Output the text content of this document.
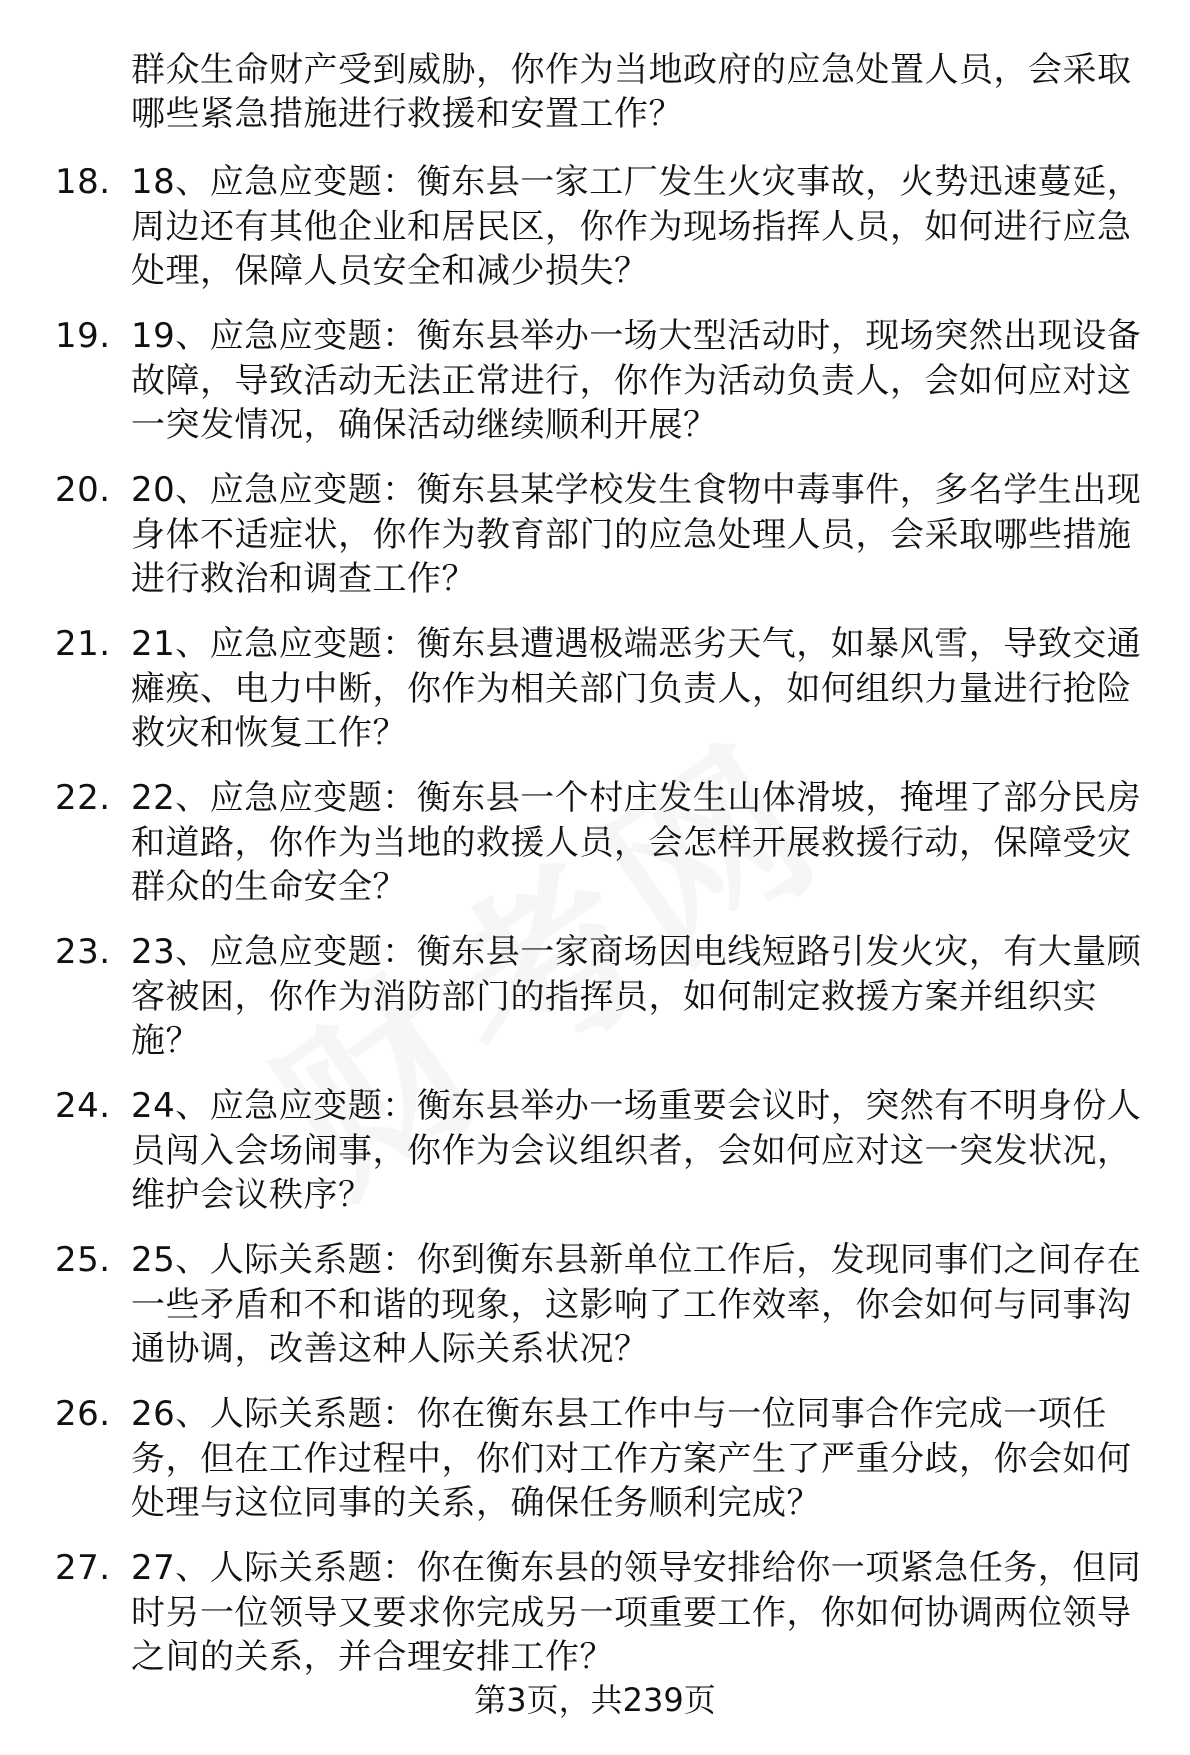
群众生命财产受到威胁，你作为当地政府的应急处置人员，会采取哪些紧急措施进行救援和安置工作？
18. 18、应急应变题：衡东县一家工厂发生火灾事故，火势迅速蔓延，周边还有其他企业和居民区，你作为现场指挥人员，如何进行应急处理，保障人员安全和减少损失？
19. 19、应急应变题：衡东县举办一场大型活动时，现场突然出现设备故障，导致活动无法正常进行，你作为活动负责人，会如何应对这一突发情况，确保活动继续顺利开展？
20. 20、应急应变题：衡东县某学校发生食物中毒事件，多名学生出现身体不适症状，你作为教育部门的应急处理人员，会采取哪些措施进行救治和调查工作？
21. 21、应急应变题：衡东县遭遇极端恶劣天气，如暴风雪，导致交通瘫痪、电力中断，你作为相关部门负责人，如何组织力量进行抢险救灾和恢复工作？
22. 22、应急应变题：衡东县一个村庄发生山体滑坡，掩埋了部分民房和道路，你作为当地的救援人员，会怎样开展救援行动，保障受灾群众的生命安全？
23. 23、应急应变题：衡东县一家商场因电线短路引发火灾，有大量顾客被困，你作为消防部门的指挥员，如何制定救援方案并组织实施？
24. 24、应急应变题：衡东县举办一场重要会议时，突然有不明身份人员闯入会场闹事，你作为会议组织者，会如何应对这一突发状况，维护会议秩序？
25. 25、人际关系题：你到衡东县新单位工作后，发现同事们之间存在一些矛盾和不和谐的现象，这影响了工作效率，你会如何与同事沟通协调，改善这种人际关系状况？
26. 26、人际关系题：你在衡东县工作中与一位同事合作完成一项任务，但在工作过程中，你们对工作方案产生了严重分歧，你会如何处理与这位同事的关系，确保任务顺利完成？
27. 27、人际关系题：你在衡东县的领导安排给你一项紧急任务，但同时另一位领导又要求你完成另一项重要工作，你如何协调两位领导之间的关系，并合理安排工作？
第3页，共239页
